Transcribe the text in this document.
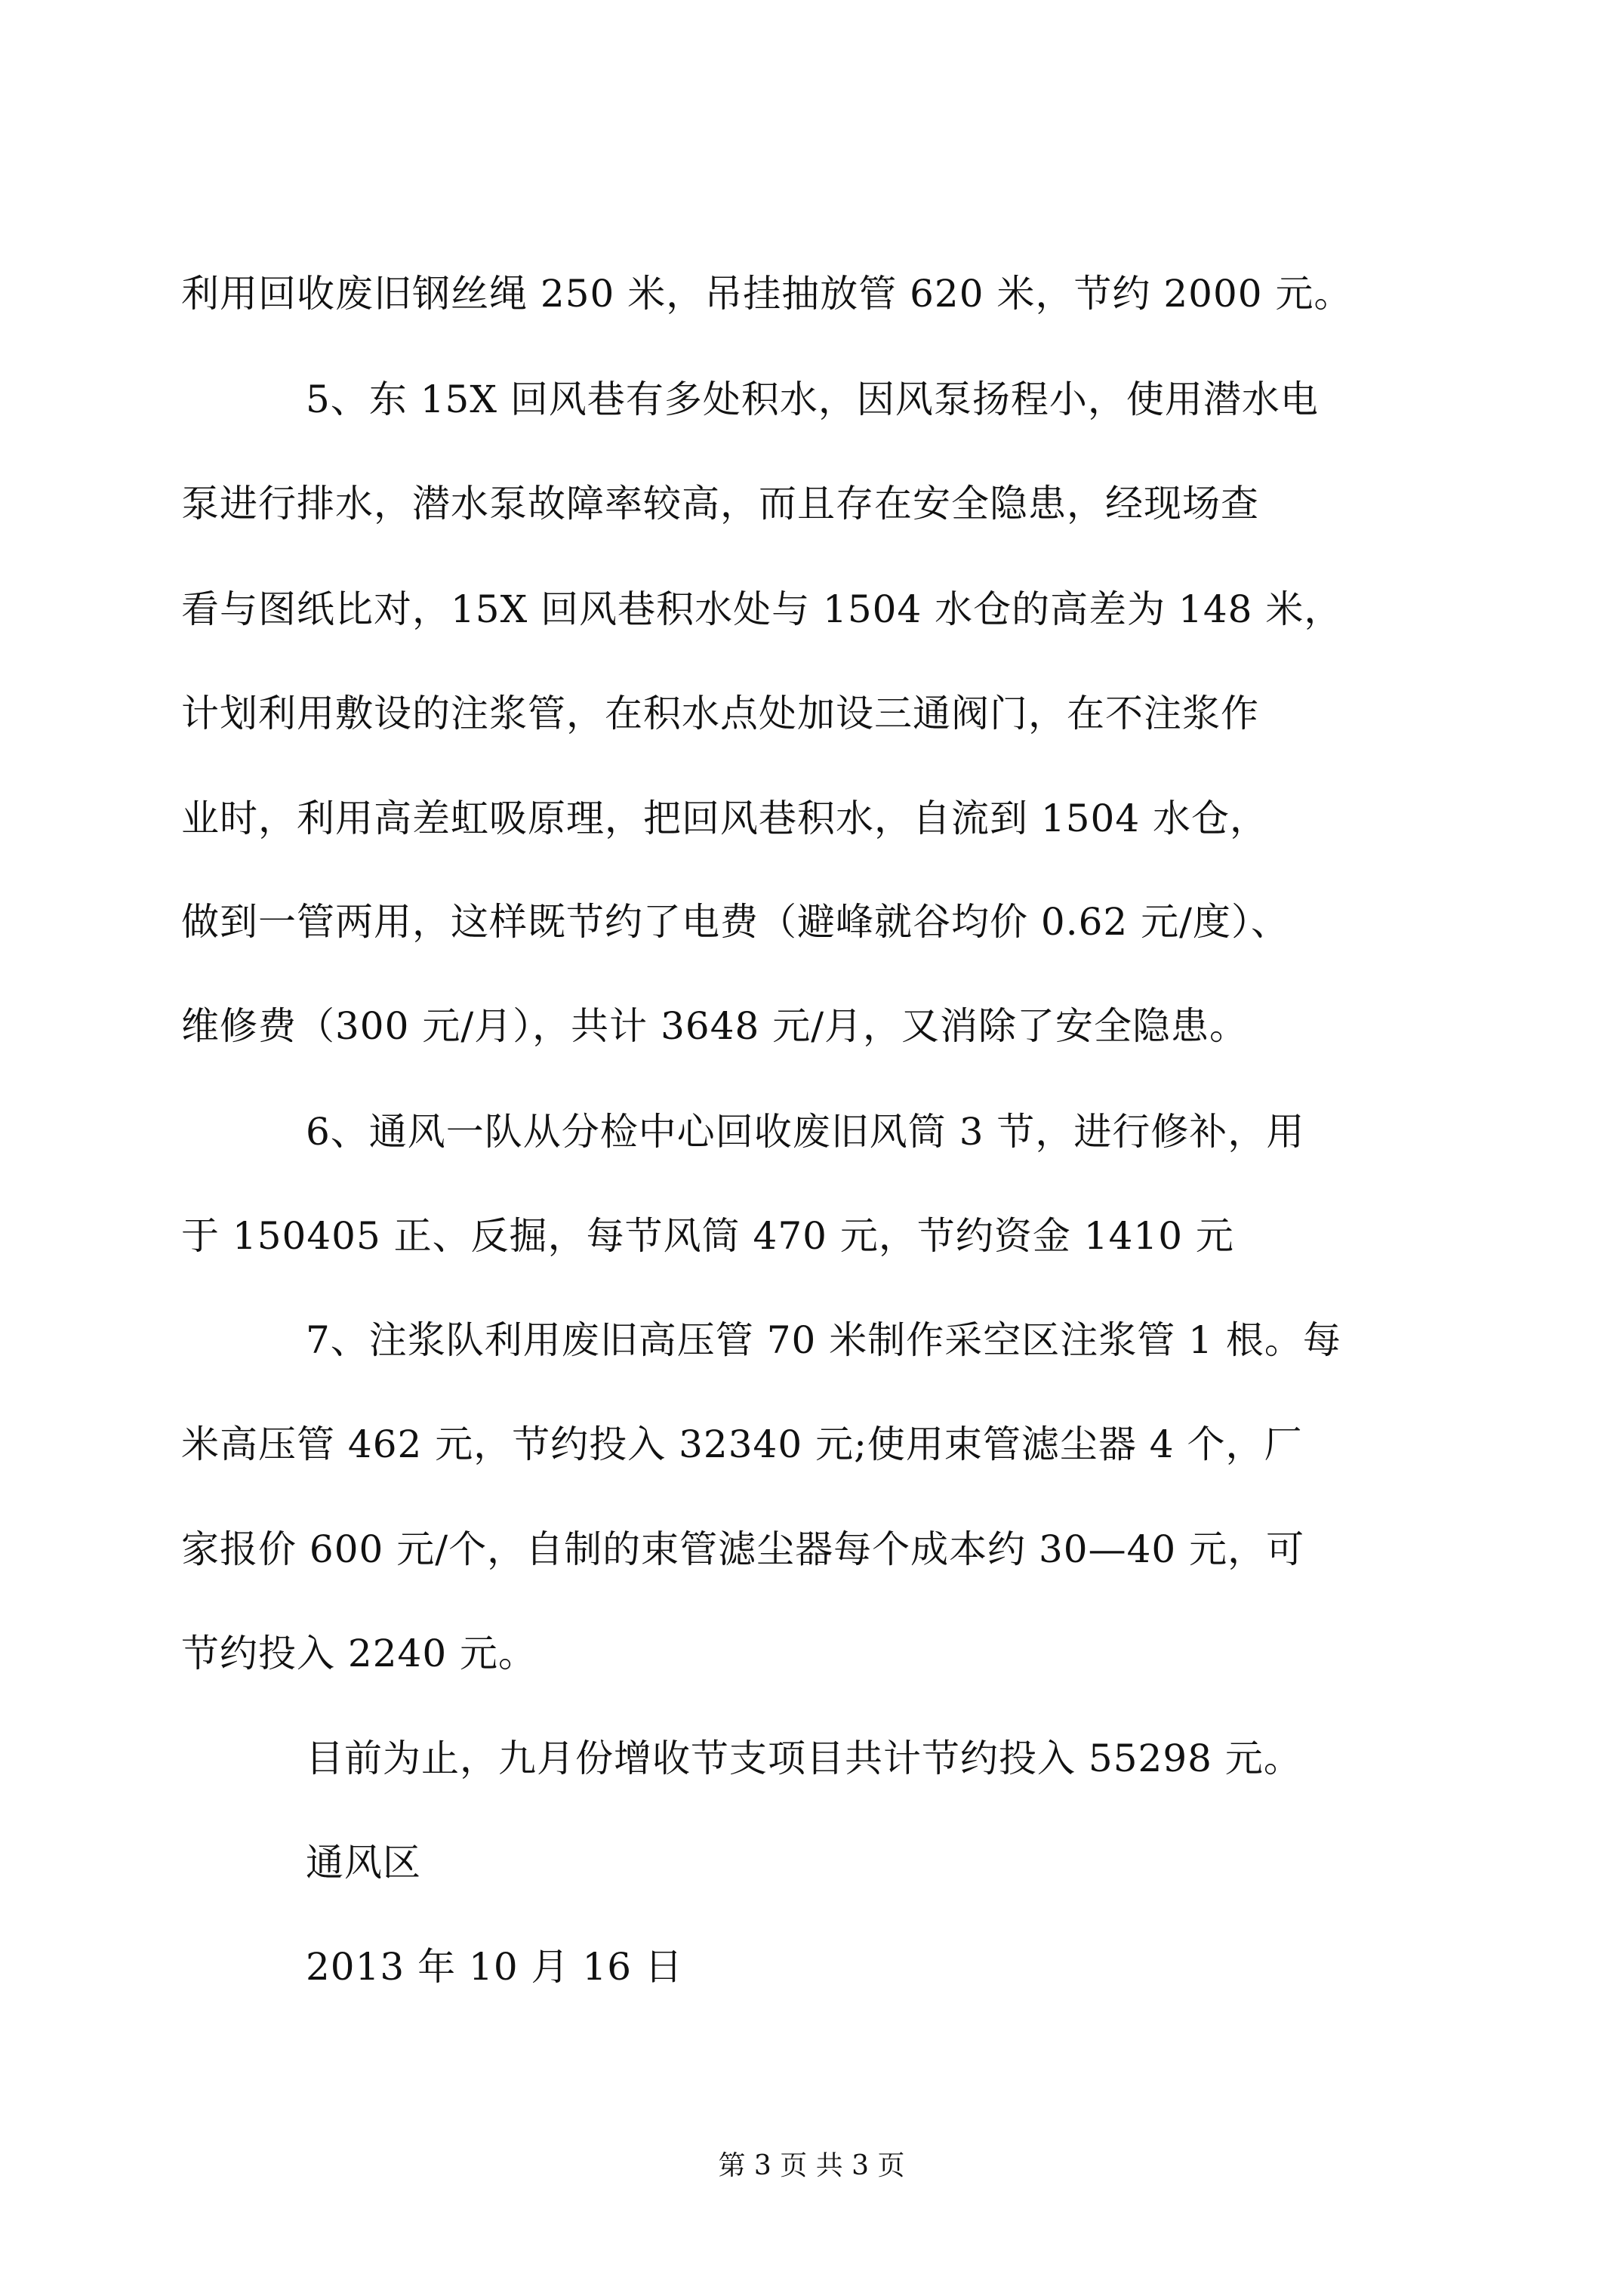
利用回收废旧钢丝绳 250 米，吊挂抽放管 620 米，节约 2000 元。
5、东 15X 回风巷有多处积水，因风泵扬程小，使用潜水电
泵进行排水，潜水泵故障率较高，而且存在安全隐患，经现场查
看与图纸比对，15X 回风巷积水处与 1504 水仓的高差为 148 米，
计划利用敷设的注浆管，在积水点处加设三通阀门，在不注浆作
业时，利用高差虹吸原理，把回风巷积水，自流到 1504 水仓，
做到一管两用，这样既节约了电费（避峰就谷均价 0.62 元/度）、
维修费（300 元/月），共计 3648 元/月，又消除了安全隐患。
6、通风一队从分检中心回收废旧风筒 3 节，进行修补，用
于 150405 正、反掘，每节风筒 470 元，节约资金 1410 元
7、注浆队利用废旧高压管 70 米制作采空区注浆管 1 根。每
米高压管 462 元，节约投入 32340 元;使用束管滤尘器 4 个，厂
家报价 600 元/个，自制的束管滤尘器每个成本约 30—40 元，可
节约投入 2240 元。
目前为止，九月份增收节支项目共计节约投入 55298 元。
通风区
2013 年 10 月 16 日
第 3 页 共 3 页
